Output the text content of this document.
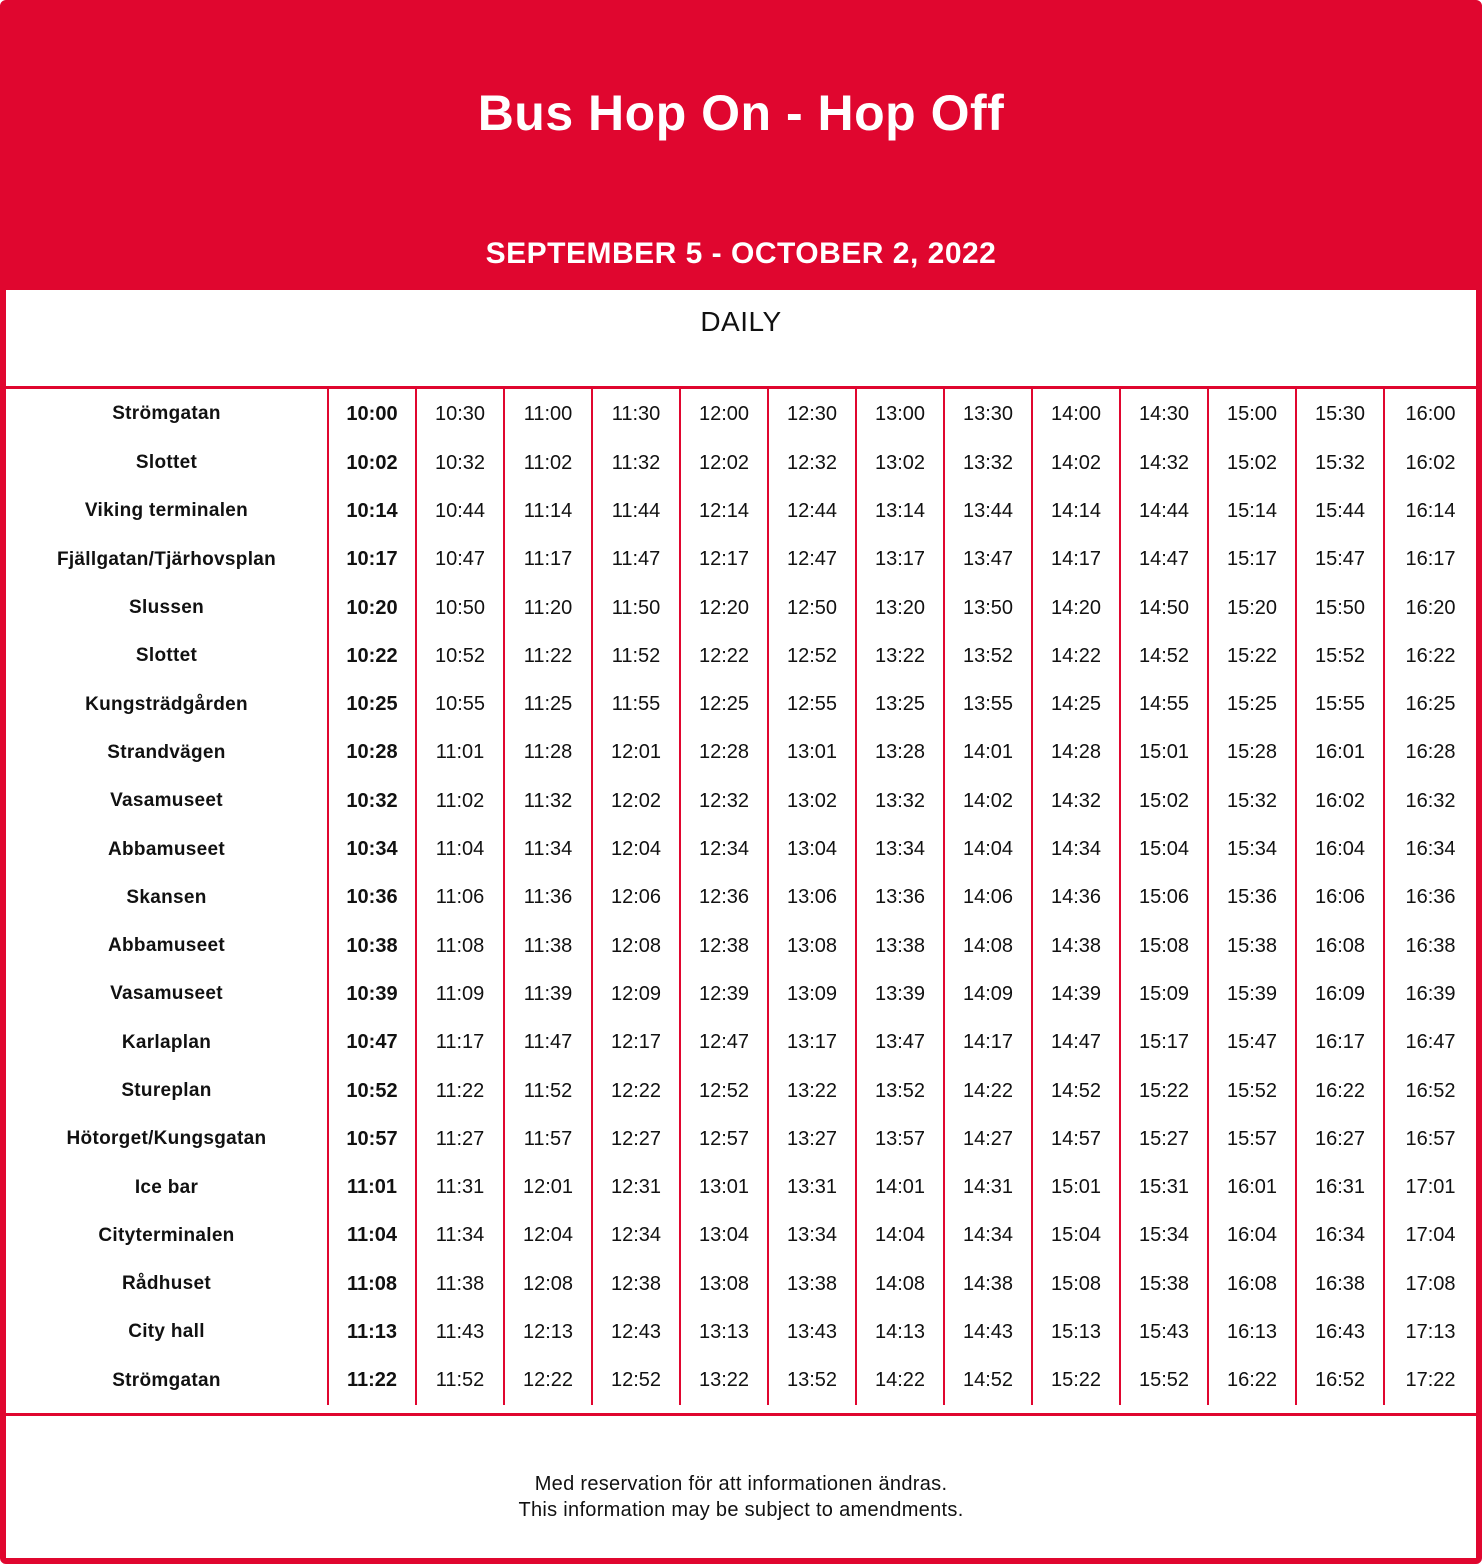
Bus Hop On - Hop Off
SEPTEMBER 5 - OCTOBER 2, 2022
DAILY
Strömgatan	10:00	10:30	11:00	11:30	12:00	12:30	13:00	13:30	14:00	14:30	15:00	15:30	16:00
Slottet	10:02	10:32	11:02	11:32	12:02	12:32	13:02	13:32	14:02	14:32	15:02	15:32	16:02
Viking terminalen	10:14	10:44	11:14	11:44	12:14	12:44	13:14	13:44	14:14	14:44	15:14	15:44	16:14
Fjällgatan/Tjärhovsplan	10:17	10:47	11:17	11:47	12:17	12:47	13:17	13:47	14:17	14:47	15:17	15:47	16:17
Slussen	10:20	10:50	11:20	11:50	12:20	12:50	13:20	13:50	14:20	14:50	15:20	15:50	16:20
Slottet	10:22	10:52	11:22	11:52	12:22	12:52	13:22	13:52	14:22	14:52	15:22	15:52	16:22
Kungsträdgården	10:25	10:55	11:25	11:55	12:25	12:55	13:25	13:55	14:25	14:55	15:25	15:55	16:25
Strandvägen	10:28	11:01	11:28	12:01	12:28	13:01	13:28	14:01	14:28	15:01	15:28	16:01	16:28
Vasamuseet	10:32	11:02	11:32	12:02	12:32	13:02	13:32	14:02	14:32	15:02	15:32	16:02	16:32
Abbamuseet	10:34	11:04	11:34	12:04	12:34	13:04	13:34	14:04	14:34	15:04	15:34	16:04	16:34
Skansen	10:36	11:06	11:36	12:06	12:36	13:06	13:36	14:06	14:36	15:06	15:36	16:06	16:36
Abbamuseet	10:38	11:08	11:38	12:08	12:38	13:08	13:38	14:08	14:38	15:08	15:38	16:08	16:38
Vasamuseet	10:39	11:09	11:39	12:09	12:39	13:09	13:39	14:09	14:39	15:09	15:39	16:09	16:39
Karlaplan	10:47	11:17	11:47	12:17	12:47	13:17	13:47	14:17	14:47	15:17	15:47	16:17	16:47
Stureplan	10:52	11:22	11:52	12:22	12:52	13:22	13:52	14:22	14:52	15:22	15:52	16:22	16:52
Hötorget/Kungsgatan	10:57	11:27	11:57	12:27	12:57	13:27	13:57	14:27	14:57	15:27	15:57	16:27	16:57
Ice bar	11:01	11:31	12:01	12:31	13:01	13:31	14:01	14:31	15:01	15:31	16:01	16:31	17:01
Cityterminalen	11:04	11:34	12:04	12:34	13:04	13:34	14:04	14:34	15:04	15:34	16:04	16:34	17:04
Rådhuset	11:08	11:38	12:08	12:38	13:08	13:38	14:08	14:38	15:08	15:38	16:08	16:38	17:08
City hall	11:13	11:43	12:13	12:43	13:13	13:43	14:13	14:43	15:13	15:43	16:13	16:43	17:13
Strömgatan	11:22	11:52	12:22	12:52	13:22	13:52	14:22	14:52	15:22	15:52	16:22	16:52	17:22
Med reservation för att informationen ändras.
This information may be subject to amendments.
